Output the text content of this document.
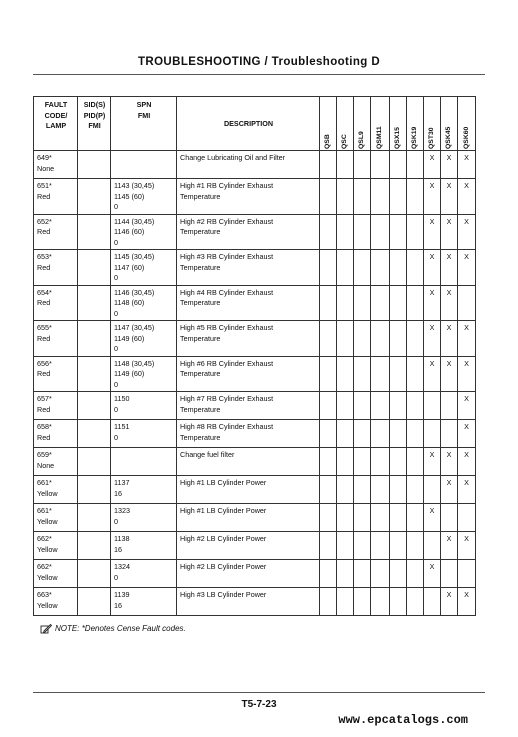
TROUBLESHOOTING / Troubleshooting D
FAULT
CODE/
LAMP	SID(S)
PID(P)
FMI	SPN
FMI	DESCRIPTION	QSB	QSC	QSL9	QSM11	QSX15	QSK19	QST30	QSK45	QSK60

649*
None			Change Lubricating Oil and Filter							X	X	X
651*
Red		1143 (30,45)
1145 (60)
0	High #1 RB Cylinder Exhaust
Temperature							X	X	X
652*
Red		1144 (30,45)
1146 (60)
0	High #2 RB Cylinder Exhaust
Temperature							X	X	X
653*
Red		1145 (30,45)
1147 (60)
0	High #3 RB Cylinder Exhaust
Temperature							X	X	X
654*
Red		1146 (30,45)
1148 (60)
0	High #4 RB Cylinder Exhaust
Temperature							X	X	
655*
Red		1147 (30,45)
1149 (60)
0	High #5 RB Cylinder Exhaust
Temperature							X	X	X
656*
Red		1148 (30,45)
1149 (60)
0	High #6 RB Cylinder Exhaust
Temperature							X	X	X
657*
Red		1150
0	High #7 RB Cylinder Exhaust
Temperature									X
658*
Red		1151
0	High #8 RB Cylinder Exhaust
Temperature									X
659*
None			Change fuel filter							X	X	X
661*
Yellow		1137
16	High #1 LB Cylinder Power								X	X
661*
Yellow		1323
0	High #1 LB Cylinder Power							X		
662*
Yellow		1138
16	High #2 LB Cylinder Power								X	X
662*
Yellow		1324
0	High #2 LB Cylinder Power							X		
663*
Yellow		1139
16	High #3 LB Cylinder Power								X	X
NOTE:
*Denotes Cense Fault codes.
T5-7-23
www.epcatalogs.com
